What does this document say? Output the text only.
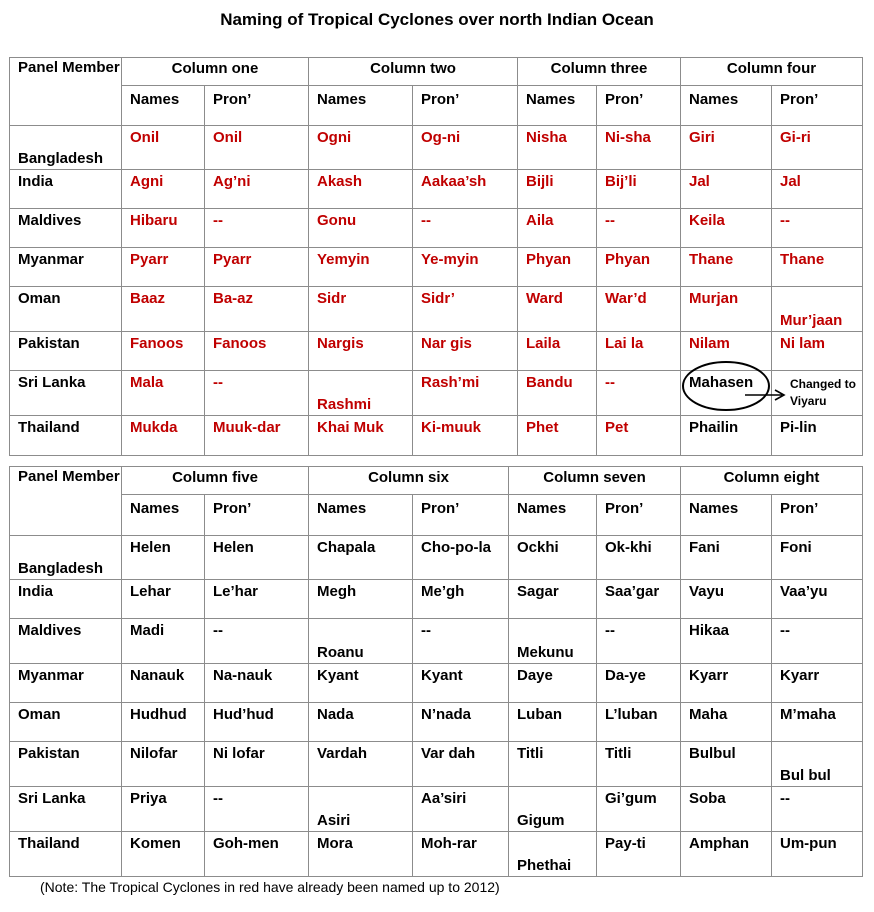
Naming of Tropical Cyclones over north Indian Ocean
Panel Member	Column one		Column two		Column three		Column four	
	Names	Pron’	Names	Pron’	Names	Pron’	Names	Pron’
Bangladesh	Onil	Onil	Ogni	Og-ni	Nisha	Ni-sha	Giri	Gi-ri
India	Agni	Ag’ni	Akash	Aakaa’sh	Bijli	Bij’li	Jal	Jal
Maldives	Hibaru	--	Gonu	--	Aila	--	Keila	--
Myanmar	Pyarr	Pyarr	Yemyin	Ye-myin	Phyan	Phyan	Thane	Thane
Oman	Baaz	Ba-az	Sidr	Sidr’	Ward	War’d	Murjan	Mur’jaan
Pakistan	Fanoos	Fanoos	Nargis	Nar gis	Laila	Lai la	Nilam	Ni lam
Sri Lanka	Mala	--	Rashmi	Rash’mi	Bandu	--	Mahasen	
Thailand	Mukda	Muuk-dar	Khai Muk	Ki-muuk	Phet	Pet	Phailin	Pi-lin
Panel Member	Column five		Column six		Column seven		Column eight	
	Names	Pron’	Names	Pron’	Names	Pron’	Names	Pron’
Bangladesh	Helen	Helen	Chapala	Cho-po-la	Ockhi	Ok-khi	Fani	Foni
India	Lehar	Le’har	Megh	Me’gh	Sagar	Saa’gar	Vayu	Vaa’yu
Maldives	Madi	--	Roanu	--	Mekunu	--	Hikaa	--
Myanmar	Nanauk	Na-nauk	Kyant	Kyant	Daye	Da-ye	Kyarr	Kyarr
Oman	Hudhud	Hud’hud	Nada	N’nada	Luban	L’luban	Maha	M’maha
Pakistan	Nilofar	Ni lofar	Vardah	Var dah	Titli	Titli	Bulbul	Bul bul
Sri Lanka	Priya	--	Asiri	Aa’siri	Gigum	Gi’gum	Soba	--
Thailand	Komen	Goh-men	Mora	Moh-rar	Phethai	Pay-ti	Amphan	Um-pun
Changed to
Viyaru
(Note: The Tropical Cyclones in red have already been named up to 2012)
